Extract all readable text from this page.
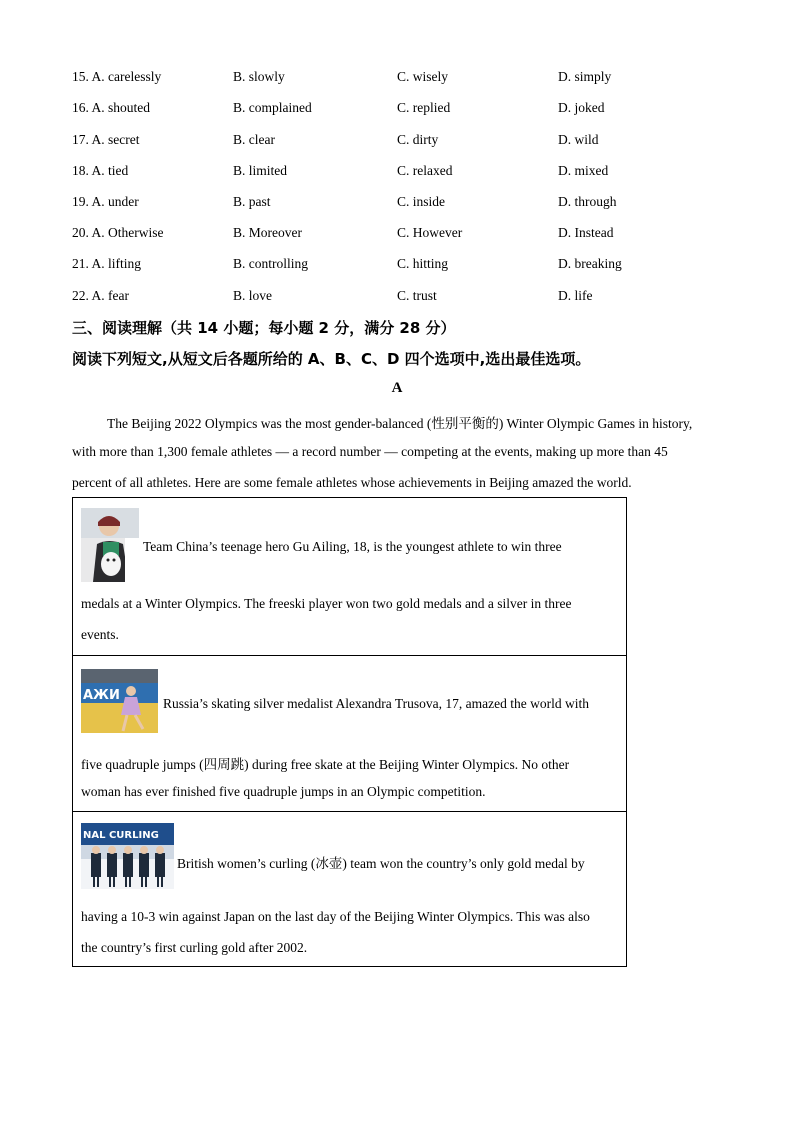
15. A. carelessly	B. slowly	C. wisely	D. simply
16. A. shouted	B. complained	C. replied	D. joked
17. A. secret	B. clear	C. dirty	D. wild
18. A. tied	B. limited	C. relaxed	D. mixed
19. A. under	B. past	C. inside	D. through
20. A. Otherwise	B. Moreover	C. However	D. Instead
21. A. lifting	B. controlling	C. hitting	D. breaking
22. A. fear	B. love	C. trust	D. life
三、阅读理解（共 14 小题；每小题 2 分，满分 28 分）
阅读下列短文,从短文后各题所给的 A、B、C、D 四个选项中,选出最佳选项。
A
The Beijing 2022 Olympics was the most gender-balanced (性别平衡的) Winter Olympic Games in history,
with more than 1,300 female athletes — a record number — competing at the events, making up more than 45
percent of all athletes. Here are some female athletes whose achievements in Beijing amazed the world.
Team China’s teenage hero Gu Ailing, 18, is the youngest athlete to win three
medals at a Winter Olympics. The freeski player won two gold medals and a silver in three
events.
АЖИ
Russia’s skating silver medalist Alexandra Trusova, 17, amazed the world with
five quadruple jumps (四周跳) during free skate at the Beijing Winter Olympics. No other
woman has ever finished five quadruple jumps in an Olympic competition.
NAL CURLING
British women’s curling (冰壶) team won the country’s only gold medal by
having a 10-3 win against Japan on the last day of the Beijing Winter Olympics. This was also
the country’s first curling gold after 2002.
